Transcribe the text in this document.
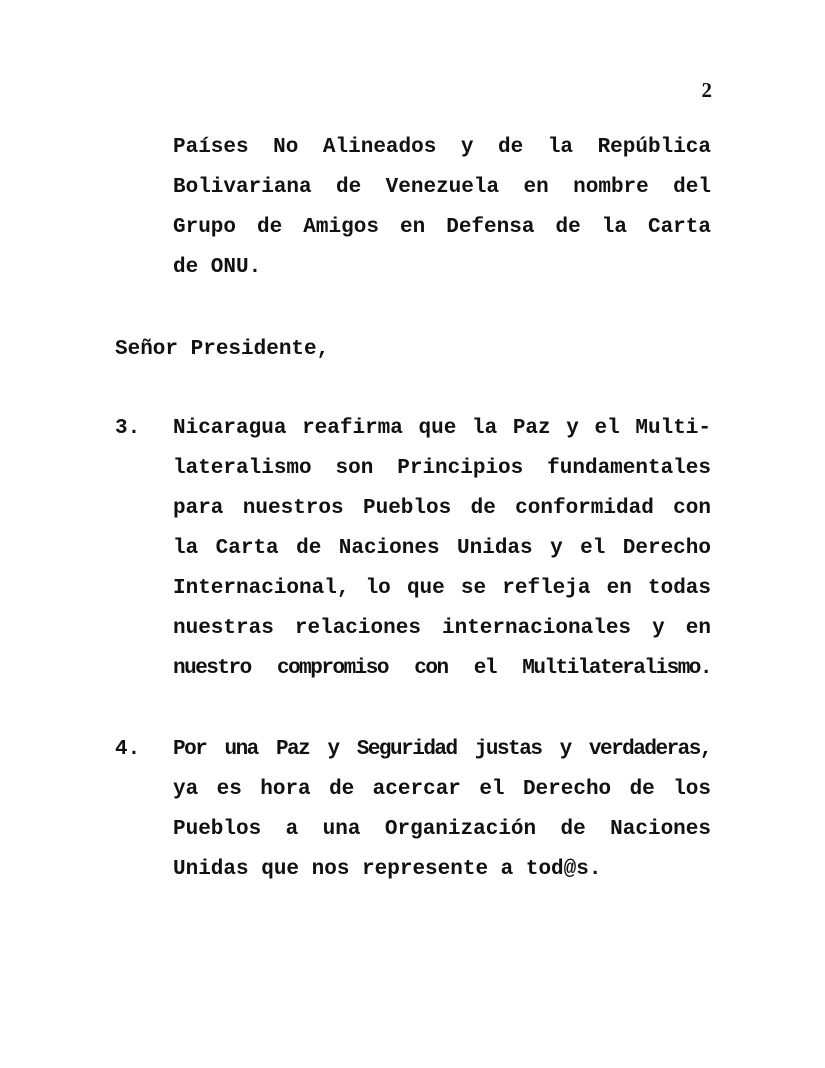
2
Países No Alineados y de la República
Bolivariana de Venezuela en nombre del
Grupo de Amigos en Defensa de la Carta
de ONU.
Señor Presidente,
3. Nicaragua reafirma que la Paz y el Multi-
lateralismo son Principios fundamentales
para nuestros Pueblos de conformidad con
la Carta de Naciones Unidas y el Derecho
Internacional, lo que se refleja en todas
nuestras relaciones internacionales y en
nuestro compromiso con el Multilateralismo.
4. Por una Paz y Seguridad justas y verdaderas,
ya es hora de acercar el Derecho de los
Pueblos a una Organización de Naciones
Unidas que nos represente a tod@s.
